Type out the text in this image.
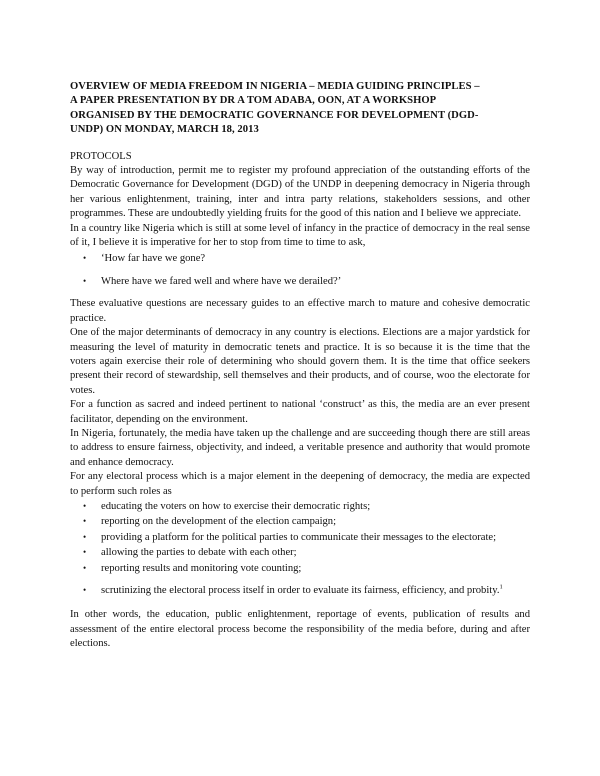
OVERVIEW OF MEDIA FREEDOM IN NIGERIA – MEDIA GUIDING PRINCIPLES –
A PAPER PRESENTATION BY DR A TOM ADABA, OON, AT A WORKSHOP
ORGANISED BY THE DEMOCRATIC GOVERNANCE FOR DEVELOPMENT (DGD-
UNDP) ON MONDAY, MARCH 18, 2013

PROTOCOLS

By way of introduction, permit me to register my profound appreciation of the outstanding efforts of the Democratic Governance for Development (DGD) of the UNDP in deepening democracy in Nigeria through her various enlightenment, training, inter and intra party relations, stakeholders sessions, and other programmes. These are undoubtedly yielding fruits for the good of this nation and I believe we appreciate.

In a country like Nigeria which is still at some level of infancy in the practice of democracy in the real sense of it, I believe it is imperative for her to stop from time to time to ask,

• ‘How far have we gone?
• Where have we fared well and where have we derailed?’

These evaluative questions are necessary guides to an effective march to mature and cohesive democratic practice.

One of the major determinants of democracy in any country is elections. Elections are a major yardstick for measuring the level of maturity in democratic tenets and practice. It is so because it is the time that the voters again exercise their role of determining who should govern them. It is the time that office seekers present their record of stewardship, sell themselves and their products, and of course, woo the electorate for votes.

For a function as sacred and indeed pertinent to national ‘construct’ as this, the media are an ever present facilitator, depending on the environment.

In Nigeria, fortunately, the media have taken up the challenge and are succeeding though there are still areas to address to ensure fairness, objectivity, and indeed, a veritable presence and authority that would promote and enhance democracy.

For any electoral process which is a major element in the deepening of democracy, the media are expected to perform such roles as

• educating the voters on how to exercise their democratic rights;
• reporting on the development of the election campaign;
• providing a platform for the political parties to communicate their messages to the electorate;
• allowing the parties to debate with each other;
• reporting results and monitoring vote counting;
• scrutinizing the electoral process itself in order to evaluate its fairness, efficiency, and probity.$^1$

In other words, the education, public enlightenment, reportage of events, publication of results and assessment of the entire electoral process become the responsibility of the media before, during and after elections.
